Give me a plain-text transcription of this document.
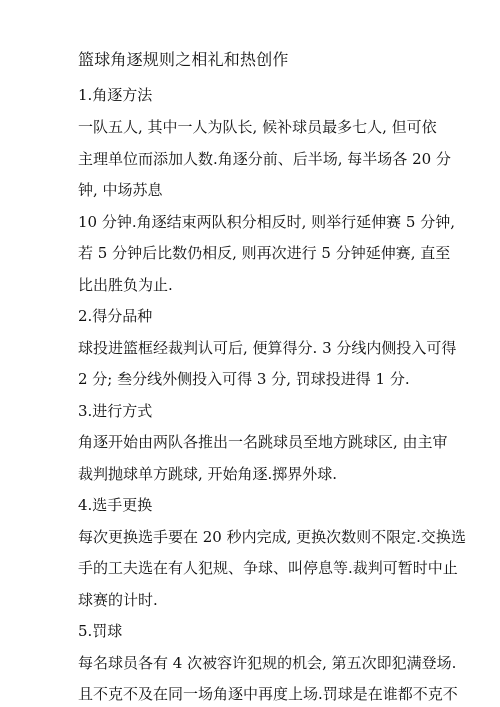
篮球角逐规则之相礼和热创作

1.角逐方法

一队五人, 其中一人为队长, 候补球员最多七人, 但可依

主理单位而添加人数.角逐分前、后半场, 每半场各 20 分

钟, 中场苏息

10 分钟.角逐结束两队积分相反时, 则举行延伸赛 5 分钟,

若 5 分钟后比数仍相反, 则再次进行 5 分钟延伸赛, 直至

比出胜负为止.

2.得分品种

球投进篮框经裁判认可后, 便算得分. 3 分线内侧投入可得

2 分; 叁分线外侧投入可得 3 分, 罚球投进得 1 分.

3.进行方式

角逐开始由两队各推出一名跳球员至地方跳球区, 由主审

裁判抛球单方跳球, 开始角逐.掷界外球.

4.选手更换

每次更换选手要在 20 秒内完成, 更换次数则不限定.交换选

手的工夫选在有人犯规、争球、叫停息等.裁判可暂时中止

球赛的计时.

5.罚球

每名球员各有 4 次被容许犯规的机会, 第五次即犯满登场.

且不克不及在同一场角逐中再度上场.罚球是在谁都不克不
